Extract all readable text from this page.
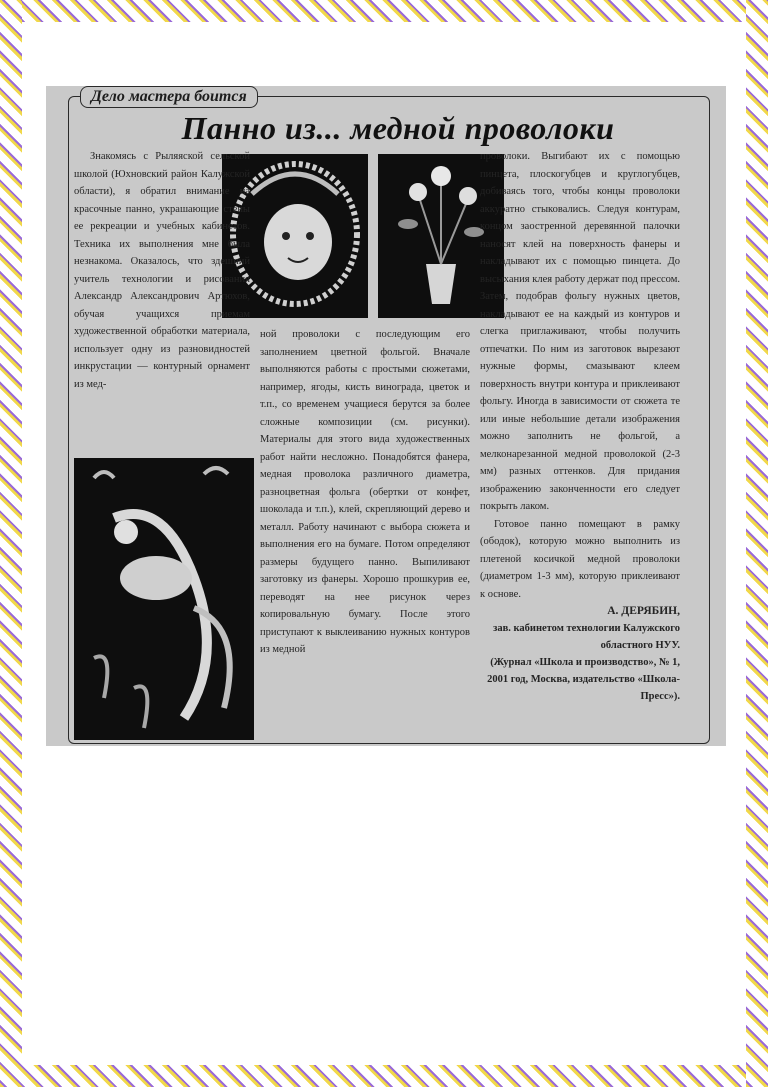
Дело мастера боится
Панно из... медной проволоки

Знакомясь с Рыляяской сельской школой (Юхновский район Калужской области), я обратил внимание на красочные панно, украшающие стены ее рекреации и учебных кабинетов. Техника их выполнения мне была незнакома. Оказалось, что здешний учитель технологии и рисования Александр Александрович Артюхов, обучая учащихся приемам художественной обработки материала, использует одну из разновидностей инкрустации — контурный орнамент из мед-

ной проволоки с последующим его заполнением цветной фольгой. Вначале выполняются работы с простыми сюжетами, например, ягоды, кисть винограда, цветок и т.п., со временем учащиеся берутся за более сложные композиции (см. рисунки). Материалы для этого вида художественных работ найти несложно. Понадобятся фанера, медная проволока различного диаметра, разноцветная фольга (обертки от конфет, шоколада и т.п.), клей, скрепляющий дерево и металл. Работу начинают с выбора сюжета и выполнения его на бумаге. Потом определяют размеры будущего панно. Выпиливают заготовку из фанеры. Хорошо прошкурив ее, переводят на нее рисунок через копировальную бумагу. После этого приступают к выклеиванию нужных контуров из медной

проволоки. Выгибают их с помощью пинцета, плоскогубцев и круглогубцев, добиваясь того, чтобы концы проволоки аккуратно стыковались. Следуя контурам, концом заостренной деревянной палочки наносят клей на поверхность фанеры и накладывают их с помощью пинцета. До высыхания клея работу держат под прессом. Затем, подобрав фольгу нужных цветов, накладывают ее на каждый из контуров и слегка приглаживают, чтобы получить отпечатки. По ним из заготовок вырезают нужные формы, смазывают клеем поверхность внутри контура и приклеивают фольгу. Иногда в зависимости от сюжета те или иные небольшие детали изображения можно заполнить не фольгой, а мелконарезанной медной проволокой (2-3 мм) разных оттенков. Для придания изображению законченности его следует покрыть лаком.

Готовое панно помещают в рамку (ободок), которую можно выполнить из плетеной косичкой медной проволоки (диаметром 1-3 мм), которую приклеивают к основе.

А. ДЕРЯБИН,
зав. кабинетом технологии Калужского областного НУУ.
(Журнал «Школа и производство», № 1, 2001 год, Москва, издательство «Школа-Пресс»).
